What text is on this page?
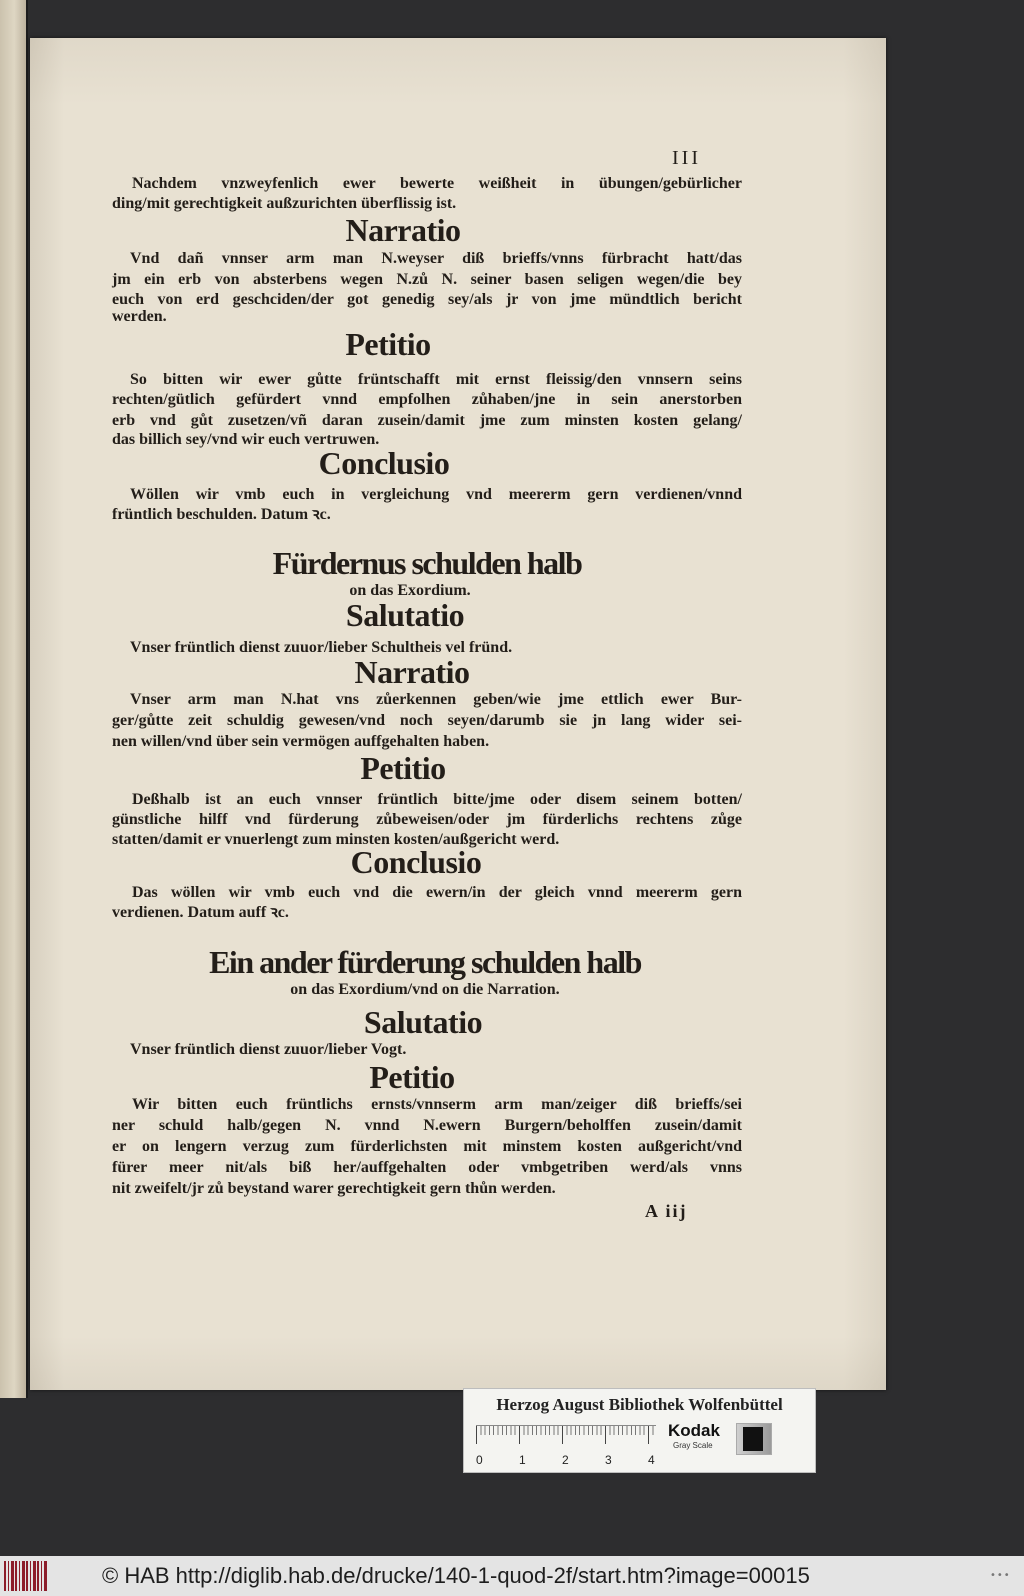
III
Nachdem vnzweyfenlich ewer bewerte weißheit in übungen/gebürlicher
ding/mit gerechtigkeit außzurichten überflissig ist.
Narratio
Vnd dañ vnnser arm man N.weyser diß brieffs/vnns fürbracht hatt/das
jm ein erb von absterbens wegen N.zů N. seiner basen seligen wegen/die bey
euch von erd geschciden/der got genedig sey/als jr von jme mündtlich bericht
werden.
Petitio
So bitten wir ewer gůtte früntschafft mit ernst fleissig/den vnnsern seins
rechten/gütlich gefürdert vnnd empfolhen zůhaben/jne in sein anerstorben
erb vnd gůt zusetzen/vñ daran zusein/damit jme zum minsten kosten gelang/
das billich sey/vnd wir euch vertruwen.
Conclusio
Wöllen wir vmb euch in vergleichung vnd meererm gern verdienen/vnnd
früntlich beschulden. Datum ꝛc.
Fürdernus schulden halb
on das Exordium.
Salutatio
Vnser früntlich dienst zuuor/lieber Schultheis vel fründ.
Narratio
Vnser arm man N.hat vns zůerkennen geben/wie jme ettlich ewer Bur-
ger/gůtte zeit schuldig gewesen/vnd noch seyen/darumb sie jn lang wider sei-
nen willen/vnd über sein vermögen auffgehalten haben.
Petitio
Deßhalb ist an euch vnnser früntlich bitte/jme oder disem seinem botten/
günstliche hilff vnd fürderung zůbeweisen/oder jm fürderlichs rechtens zůge
statten/damit er vnuerlengt zum minsten kosten/außgericht werd.
Conclusio
Das wöllen wir vmb euch vnd die ewern/in der gleich vnnd meererm gern
verdienen. Datum auff ꝛc.
Ein ander fürderung schulden halb
on das Exordium/vnd on die Narration.
Salutatio
Vnser früntlich dienst zuuor/lieber Vogt.
Petitio
Wir bitten euch früntlichs ernsts/vnnserm arm man/zeiger diß brieffs/sei
ner schuld halb/gegen N. vnnd N.ewern Burgern/beholffen zusein/damit
er on lengern verzug zum fürderlichsten mit minstem kosten außgericht/vnd
fürer meer nit/als biß her/auffgehalten oder vmbgetriben werd/als vnns
nit zweifelt/jr zů beystand warer gerechtigkeit gern thůn werden.
A iij
Herzog August Bibliothek Wolfenbüttel
0	1	2	3	4
Kodak
Gray Scale
© HAB http://diglib.hab.de/drucke/140-1-quod-2f/start.htm?image=00015	•••
